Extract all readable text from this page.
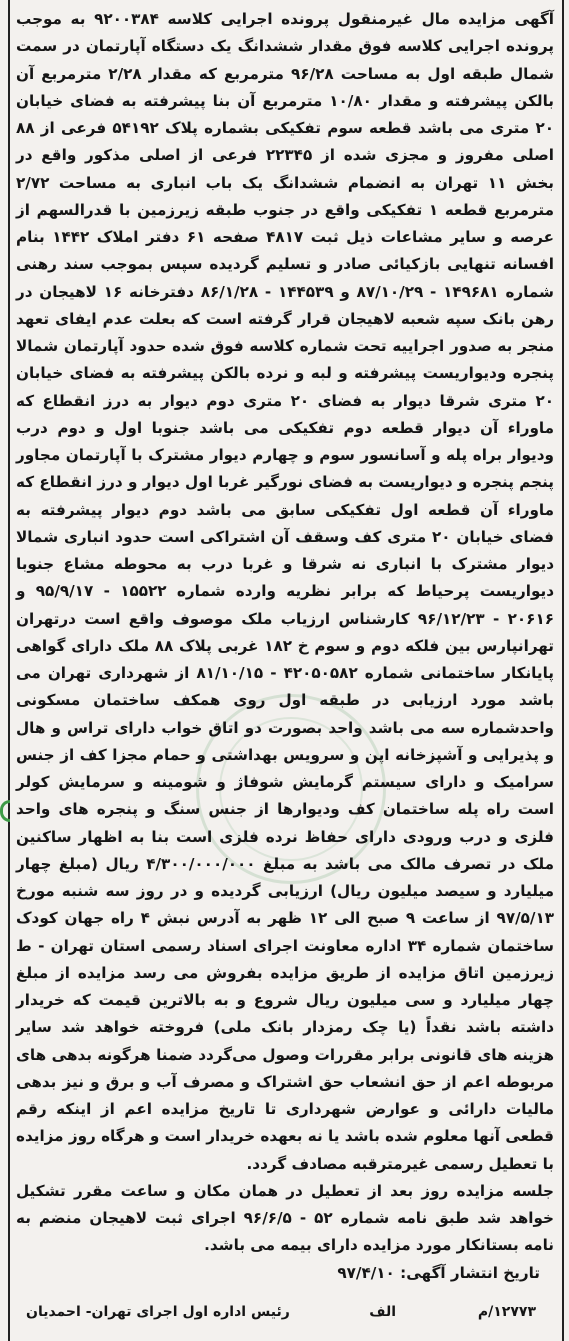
آگهی مزایده مال غیرمنقول پرونده اجرایی کلاسه ۹۲۰۰۳۸۴ به موجب پرونده اجرایی کلاسه فوق مقدار ششدانگ یک دستگاه آپارتمان در سمت شمال طبقه اول به مساحت ۹۶/۲۸ مترمربع که مقدار ۲/۲۸ مترمربع آن بالکن پیشرفته و مقدار ۱۰/۸۰ مترمربع آن بنا پیشرفته به فضای خیابان ۲۰ متری می باشد قطعه سوم تفکیکی بشماره پلاک ۵۴۱۹۲ فرعی از ۸۸ اصلی مفروز و مجزی شده از ۲۲۳۴۵ فرعی از اصلی مذکور واقع در بخش ۱۱ تهران به انضمام ششدانگ یک باب انباری به مساحت ۲/۷۲ مترمربع قطعه ۱ تفکیکی واقع در جنوب طبقه زیرزمین با قدرالسهم از عرصه و سایر مشاعات ذیل ثبت ۴۸۱۷ صفحه ۶۱ دفتر املاک ۱۴۴۲ بنام افسانه تنهایی بازکیائی صادر و تسلیم گردیده سپس بموجب سند رهنی شماره ۱۴۹۶۸۱ - ۸۷/۱۰/۲۹ و ۱۴۴۵۳۹ - ۸۶/۱/۲۸ دفترخانه ۱۶ لاهیجان در رهن بانک سپه شعبه لاهیجان قرار گرفته است که بعلت عدم ایفای تعهد منجر به صدور اجراییه تحت شماره کلاسه فوق شده حدود آپارتمان شمالا پنجره ودیواریست پیشرفته و لبه و نرده بالکن پیشرفته به فضای خیابان ۲۰ متری شرقا دیوار به فضای ۲۰ متری دوم دیوار به درز انقطاع که ماوراء آن دیوار قطعه دوم تفکیکی می باشد جنوبا اول و دوم درب ودیوار براه پله و آسانسور سوم و چهارم دیوار مشترک با آپارتمان مجاور پنجم پنجره و دیواریست به فضای نورگیر غربا اول دیوار و درز انقطاع که ماوراء آن قطعه اول تفکیکی سابق می باشد دوم دیوار پیشرفته به فضای خیابان ۲۰ متری کف وسقف آن اشتراکی است حدود انباری شمالا دیوار مشترک با انباری نه شرقا و غربا درب به محوطه مشاع جنوبا دیواریست پرحیاط که برابر نظریه وارده شماره ۱۵۵۲۲ - ۹۵/۹/۱۷ و ۲۰۶۱۶ - ۹۶/۱۲/۲۳ کارشناس ارزیاب ملک موصوف واقع است درتهران تهرانپارس بین فلکه دوم و سوم خ ۱۸۲ غربی پلاک ۸۸ ملک دارای گواهی پایانکار ساختمانی شماره ۴۲۰۵۰۵۸۲ - ۸۱/۱۰/۱۵ از شهرداری تهران می باشد مورد ارزیابی در طبقه اول روی همکف ساختمان مسکونی واحدشماره سه می باشد واحد بصورت دو اتاق خواب دارای تراس و هال و پذیرایی و آشپزخانه اپن و سرویس بهداشتی و حمام مجزا کف از جنس سرامیک و دارای سیستم گرمایش شوفاژ و شومینه و سرمایش کولر است راه پله ساختمان کف ودیوارها از جنس سنگ و پنجره های واحد فلزی و درب ورودی دارای حفاظ نرده فلزی است بنا به اظهار ساکنین ملک در تصرف مالک می باشد به مبلغ ۴/۳۰۰/۰۰۰/۰۰۰ ریال (مبلغ چهار میلیارد و سیصد میلیون ریال) ارزیابی گردیده و در روز سه شنبه مورخ ۹۷/۵/۱۳ از ساعت ۹ صبح الی ۱۲ ظهر به آدرس نبش ۴ راه جهان کودک ساختمان شماره ۳۴ اداره معاونت اجرای اسناد رسمی استان تهران - ط زیرزمین اتاق مزایده از طریق مزایده بفروش می رسد مزایده از مبلغ چهار میلیارد و سی میلیون ریال شروع و به بالاترین قیمت که خریدار داشته باشد نقداً (یا چک رمزدار بانک ملی) فروخته خواهد شد سایر هزینه های قانونی برابر مقررات وصول می‌گردد ضمنا هرگونه بدهی های مربوطه اعم از حق انشعاب حق اشتراک و مصرف آب و برق و نیز بدهی مالیات دارائی و عوارض شهرداری تا تاریخ مزایده اعم از اینکه رقم قطعی آنها معلوم شده باشد یا نه بعهده خریدار است و هرگاه روز مزایده با تعطیل رسمی غیرمترقبه مصادف گردد.

جلسه مزایده روز بعد از تعطیل در همان مکان و ساعت مقرر تشکیل خواهد شد طبق نامه شماره ۵۲ - ۹۶/۶/۵ اجرای ثبت لاهیجان منضم به نامه بستانکار مورد مزایده دارای بیمه می باشد.

تاریخ انتشار آگهی: ۹۷/۴/۱۰

۱۲۷۷۳/م
الف
رئیس اداره اول اجرای تهران- احمدیان
